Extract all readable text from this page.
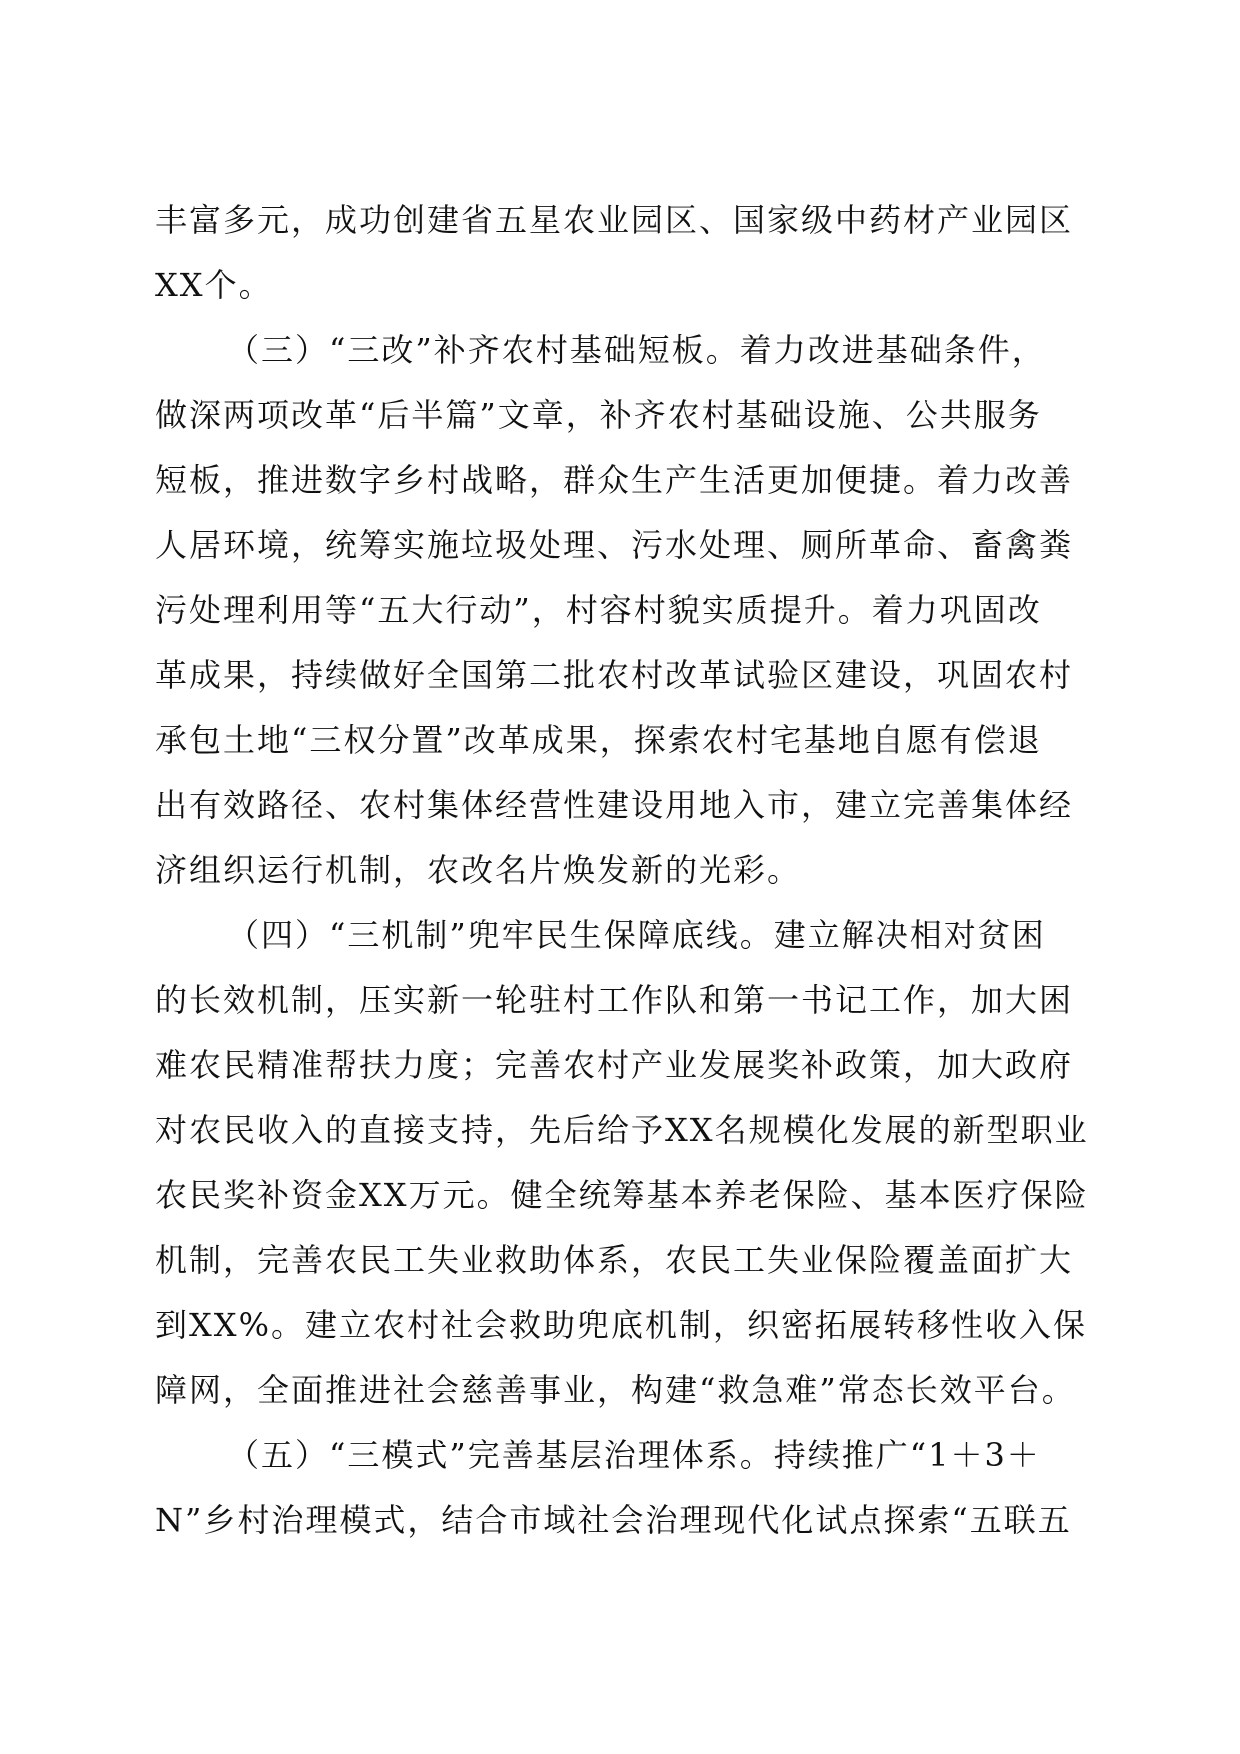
丰富多元，成功创建省五星农业园区、国家级中药材产业园区
XX个。
（三）“三改”补齐农村基础短板。着力改进基础条件，
做深两项改革“后半篇”文章，补齐农村基础设施、公共服务
短板，推进数字乡村战略，群众生产生活更加便捷。着力改善
人居环境，统筹实施垃圾处理、污水处理、厕所革命、畜禽粪
污处理利用等“五大行动”，村容村貌实质提升。着力巩固改
革成果，持续做好全国第二批农村改革试验区建设，巩固农村
承包土地“三权分置”改革成果，探索农村宅基地自愿有偿退
出有效路径、农村集体经营性建设用地入市，建立完善集体经
济组织运行机制，农改名片焕发新的光彩。
（四）“三机制”兜牢民生保障底线。建立解决相对贫困
的长效机制，压实新一轮驻村工作队和第一书记工作，加大困
难农民精准帮扶力度；完善农村产业发展奖补政策，加大政府
对农民收入的直接支持，先后给予XX名规模化发展的新型职业
农民奖补资金XX万元。健全统筹基本养老保险、基本医疗保险
机制，完善农民工失业救助体系，农民工失业保险覆盖面扩大
到XX%。建立农村社会救助兜底机制，织密拓展转移性收入保
障网，全面推进社会慈善事业，构建“救急难”常态长效平台。
（五）“三模式”完善基层治理体系。持续推广“1＋3＋
N”乡村治理模式，结合市域社会治理现代化试点探索“五联五
